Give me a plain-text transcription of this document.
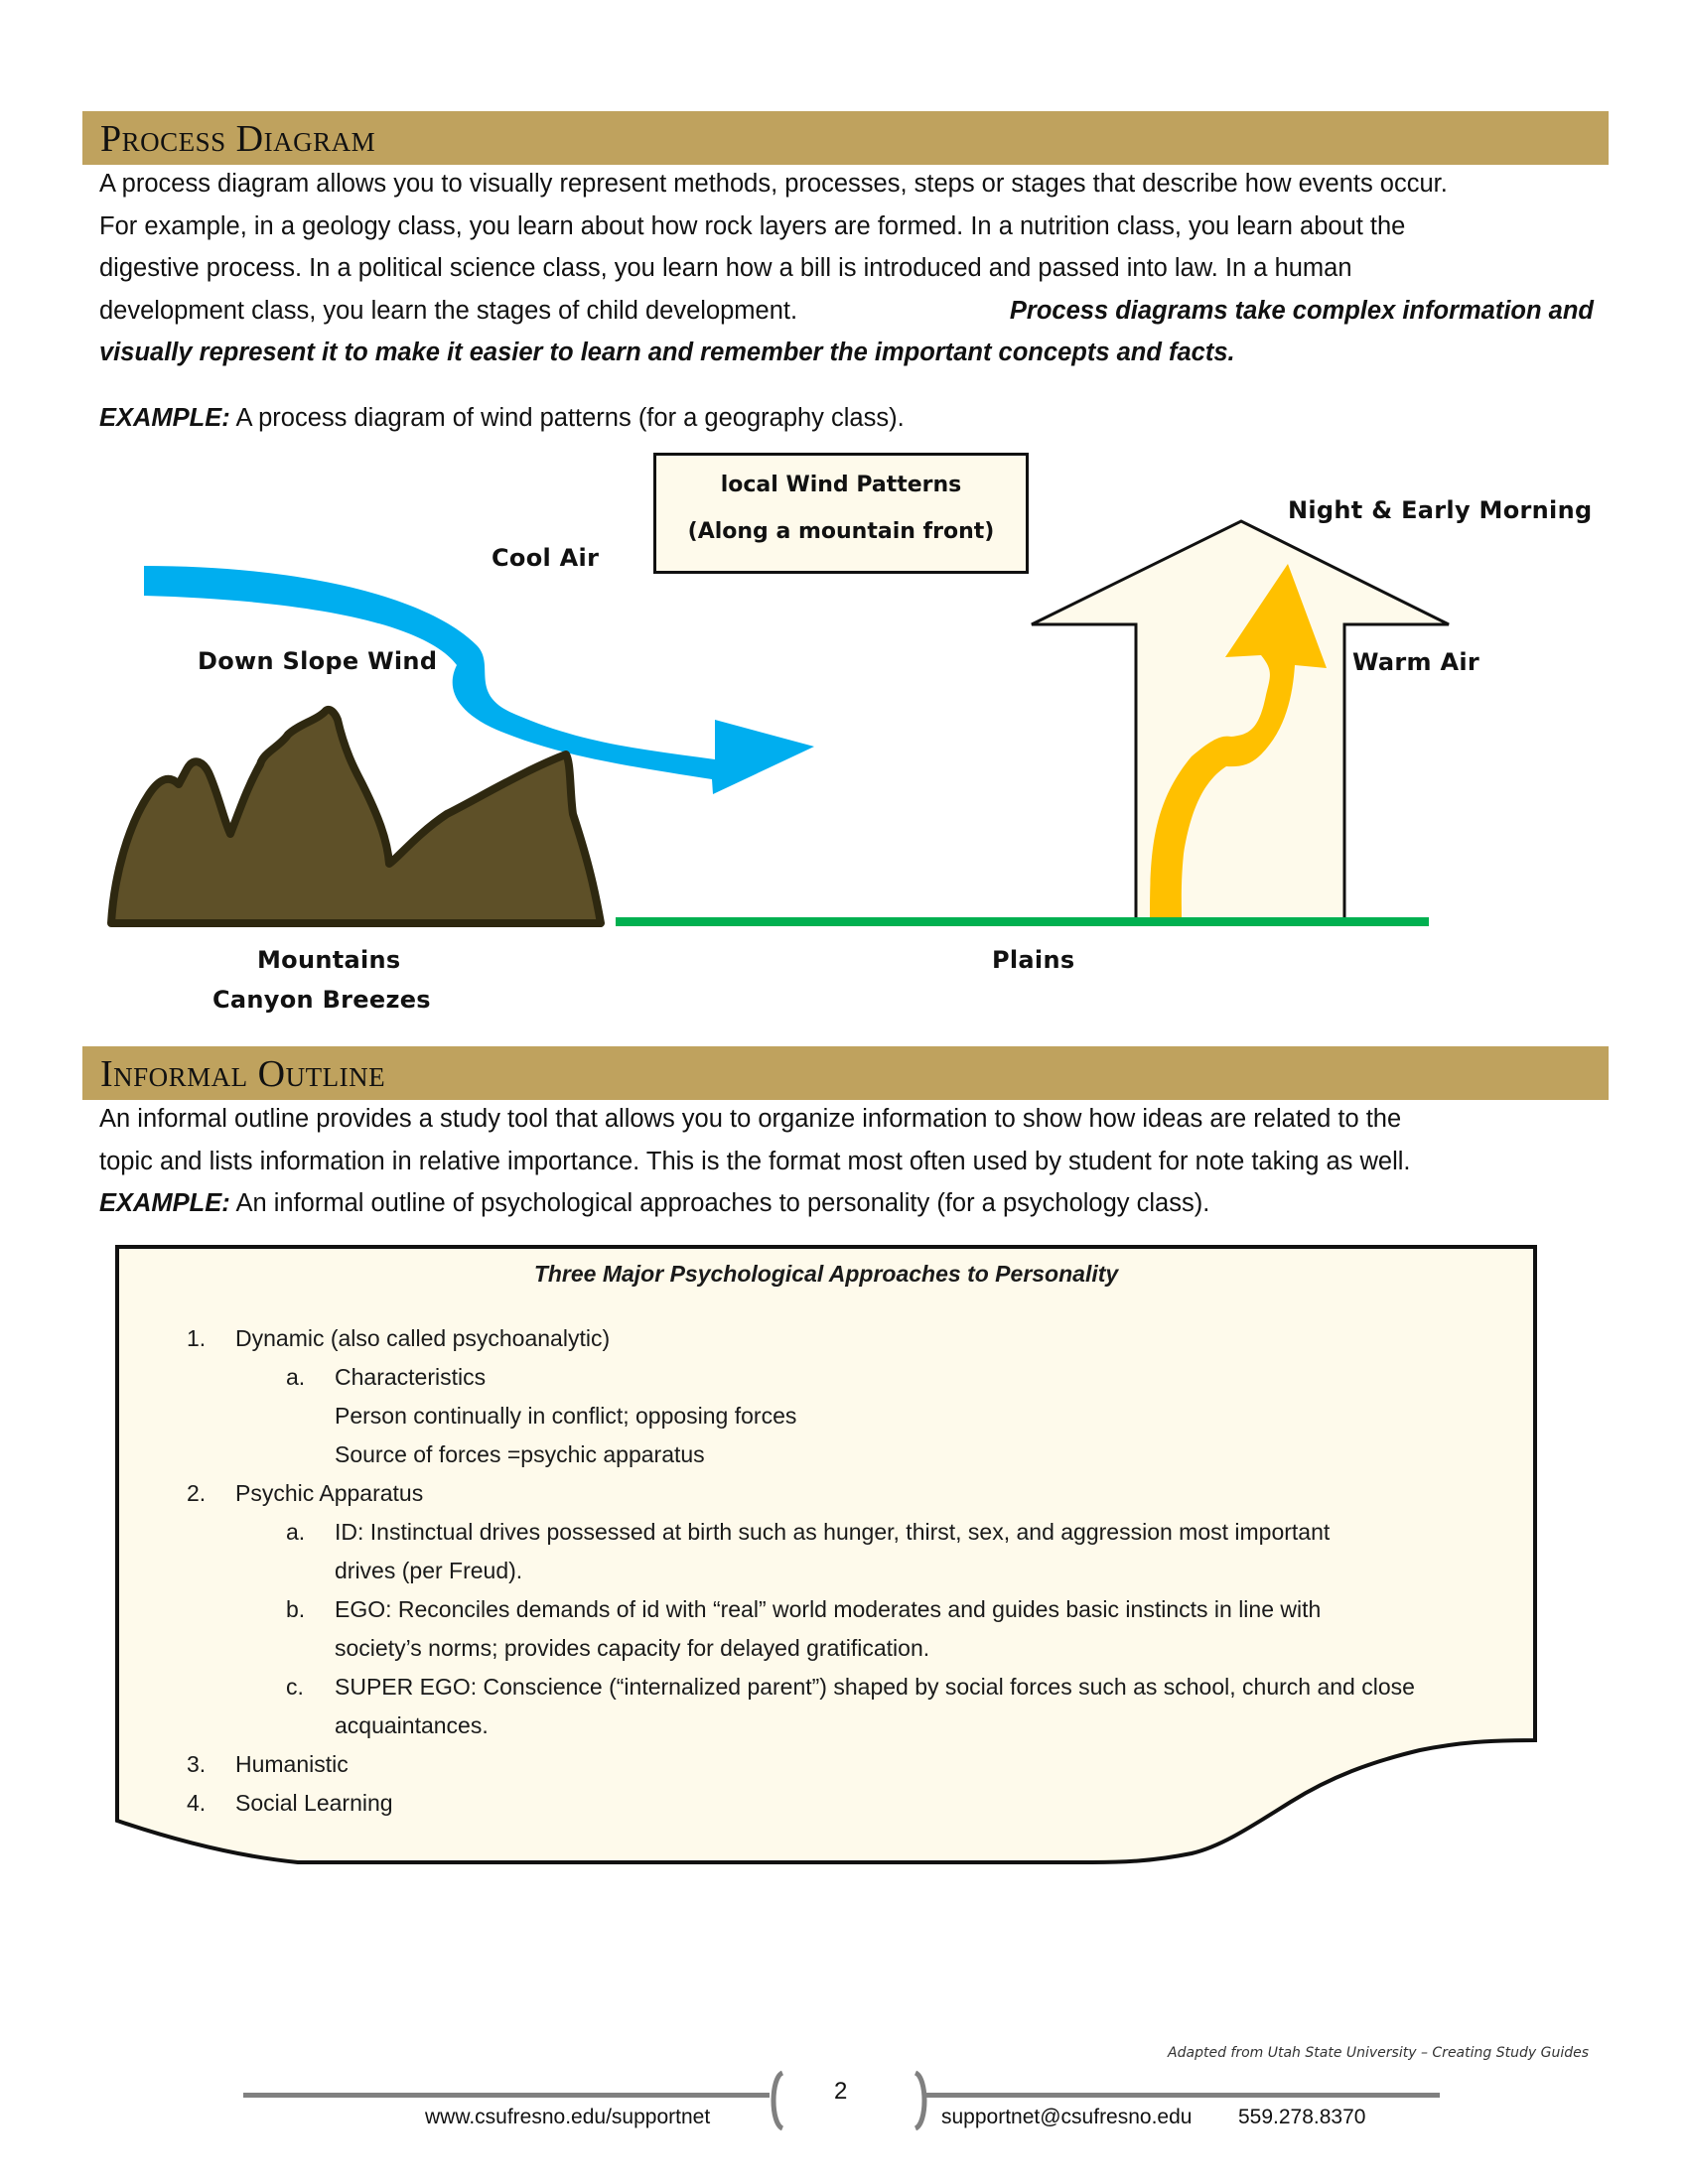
Process Diagram
A process diagram allows you to visually represent methods, processes, steps or stages that describe how events occur.
For example, in a geology class, you learn about how rock layers are formed. In a nutrition class, you learn about the
digestive process. In a political science class, you learn how a bill is introduced and passed into law. In a human
development class, you learn the stages of child development.	Process diagrams take complex information and
visually represent it to make it easier to learn and remember the important concepts and facts.
EXAMPLE: A process diagram of wind patterns (for a geography class).
local Wind Patterns
(Along a mountain front)
Cool Air
Down Slope Wind
Night & Early Morning
Warm Air
Mountains
Canyon Breezes
Plains
Informal Outline
An informal outline provides a study tool that allows you to organize information to show how ideas are related to the
topic and lists information in relative importance. This is the format most often used by student for note taking as well.
EXAMPLE: An informal outline of psychological approaches to personality (for a psychology class).
Three Major Psychological Approaches to Personality
1. Dynamic (also called psychoanalytic)
a. Characteristics
Person continually in conflict; opposing forces
Source of forces =psychic apparatus
2. Psychic Apparatus
a. ID: Instinctual drives possessed at birth such as hunger, thirst, sex, and aggression most important
drives (per Freud).
b. EGO: Reconciles demands of id with “real” world moderates and guides basic instincts in line with
society’s norms; provides capacity for delayed gratification.
c. SUPER EGO: Conscience (“internalized parent”) shaped by social forces such as school, church and close
acquaintances.
3. Humanistic
4. Social Learning
Adapted from Utah State University – Creating Study Guides
2
www.csufresno.edu/supportnet	supportnet@csufresno.edu 559.278.8370
